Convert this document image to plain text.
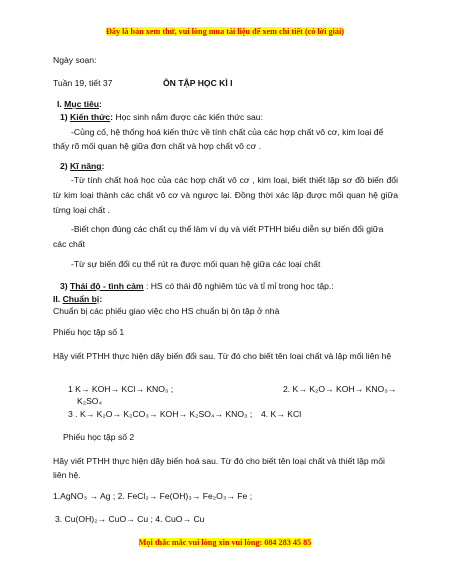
Đây là bản xem thử, vui lòng mua tài liệu để xem chi tiết (có lời giải)
Ngày soạn:
Tuần 19, tiết 37	ÔN TẬP HỌC KÌ I
I. Mục tiêu:
1) Kiến thức: Học sinh nắm được các kiến thức sau:
-Củng cố, hệ thống hoá kiến thức về tính chất của các hợp chất vô cơ, kim loại để thấy rõ mối quan hệ giữa đơn chất và hợp chất vô cơ .
2) Kĩ năng:
-Từ tính chất hoá học của các hợp chất vô cơ , kim loại, biết thiết lập sơ đồ biến đổi từ kim loại thành các chất vô cơ và ngược lại. Đồng thời xác lập được mối quan hệ giữa từng loại chất .
-Biết chọn đúng các chất cụ thể làm ví dụ và viết PTHH biểu diễn sự biến đổi giữa các chất
-Từ sự biến đổi cụ thể rút ra được mối quan hệ giữa các loại chất
3) Thái độ - tình cảm : HS có thái độ nghiêm túc và tỉ mỉ trong học tập.:
II. Chuẩn bị:
Chuẩn bị các phiếu giao việc cho HS chuẩn bị ôn tập ở nhà
Phiếu học tập số 1
Hãy viết PTHH thực hiện dãy biến đổi sau. Từ đó cho biết tên loại chất và lập mối liên hệ
1 K→ KOH→ KCl→ KNO₃ ;	2. K→ K₂O→ KOH→ KNO₃→
K₂SO₄
3 . K→ K₂O→ K₂CO₃→ KOH→ K₂SO₄→ KNO₃ ; 4. K→ KCl
Phiếu học tập số 2
Hãy viết PTHH thực hiện dãy biến hoá sau. Từ đó cho biết tên loại chất và thiết lập mối liên hệ.
1.AgNO₃ → Ag ; 2. FeCl₂→ Fe(OH)₃→ Fe₂O₃→ Fe ;
3. Cu(OH)₂→ CuO→ Cu ; 4. CuO→ Cu
Mọi thắc mắc vui lòng xin vui lòng: 084 283 45 85
